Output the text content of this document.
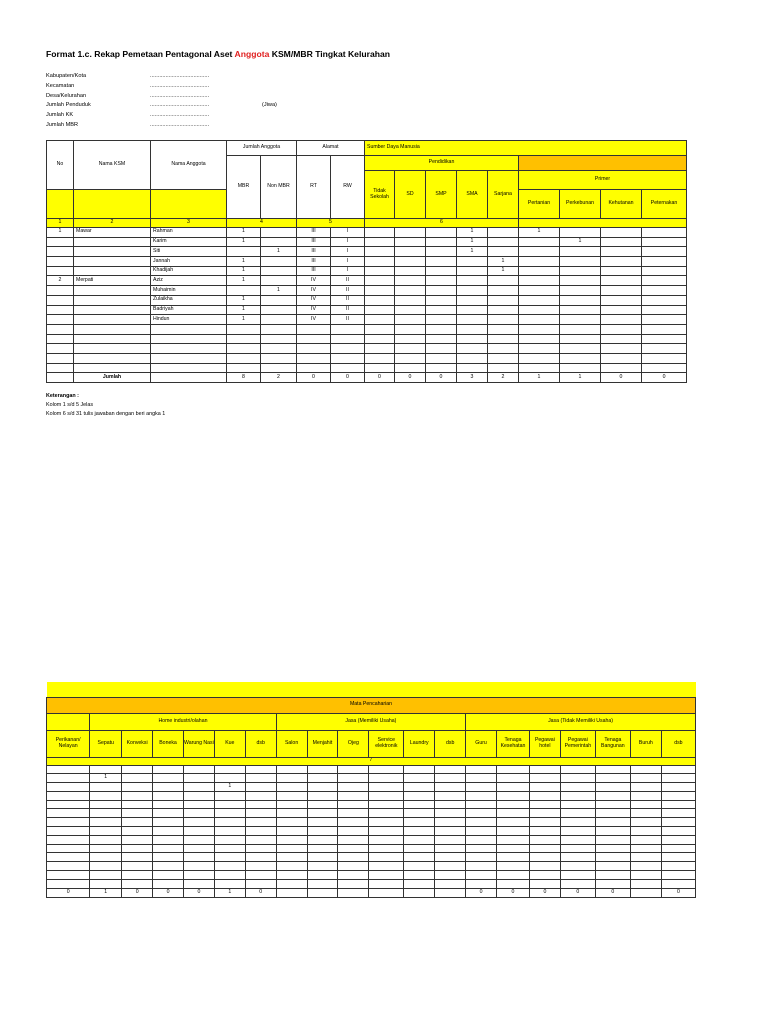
Format 1.c. Rekap Pemetaan Pentagonal Aset Anggota KSM/MBR Tingkat Kelurahan
Kabupaten/Kota	......................................
Kecamatan	......................................
Desa/Kelurahan	......................................
Jumlah Penduduk	......................................	(Jiwa)
Jumlah KK	......................................
Jumlah MBR	......................................
No	Nama KSM	Nama Anggota	Jumlah Anggota		Alamat		Sumber Daya Manusia								
			MBR	Non MBR	RT	RW	Pendidikan								
							Tidak Sekolah	SD	SMP	SMA	Sarjana	Primer			
												Pertanian	Perkebunan	Kehutanan	Peternakan
1	2	3	4		5		6								
1	Mawar	Rahman	1		III	I				1		1			
		Karim	1		III	I				1			1		
		Siti		1	III	I				1					
		Jannah	1		III	I					1				
		Khadijah	1		III	I					1				
2	Merpati	Aziz	1		IV	II									
		Muhaimin		1	IV	II									
		Zulaikha	1		IV	II									
		Badriyah	1		IV	II									
		Hindun	1		IV	II									

	Jumlah		8	2	0	0	0	0	0	3	2	1	1	0	0
Keterangan :
Kolom 1 s/d 5 Jelas
Kolom 6 s/d 31 tulis jawaban dengan beri angka 1

Mata Pencaharian																			
	Home industri/olahan						Jasa (Memiliki Usaha)						Jasa (Tidak Memiliki Usaha)						
Perikanan/ Nelayan	Sepatu	Konveksi	Boneka	Warung Nasi	Kue	dsb	Salon	Menjahit	Ojeg	Service elektronik	Laundry	dsb	Guru	Tenaga Kesehatan	Pegawai hotel	Pegawai Pemerintah	Tenaga Bangunan	Buruh	dsb
7																			

	1																		
					1														

0	1	0	0	0	1	0							0	0	0	0	0		0
